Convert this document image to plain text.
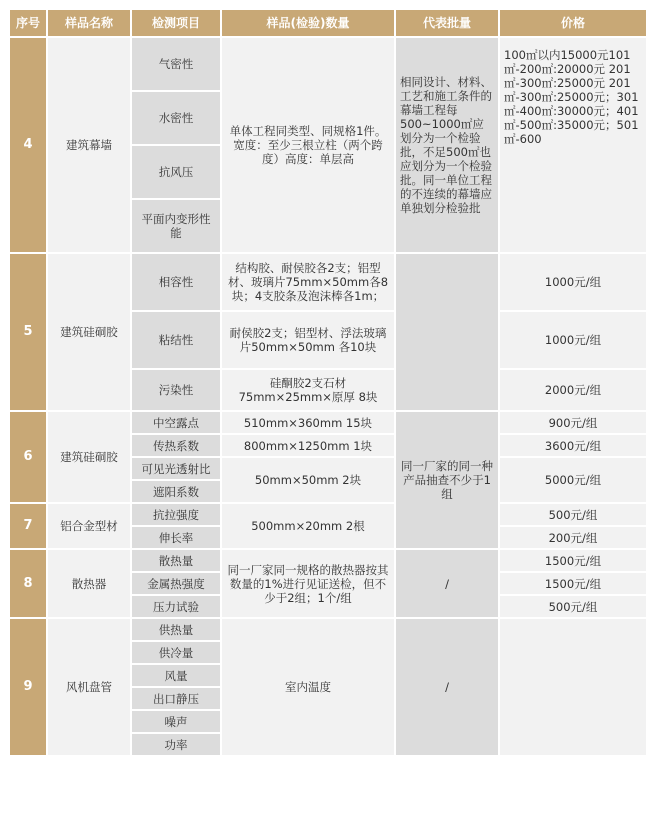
序号	样品名称	检测项目	样品(检验)数量	代表批量	价格
4	建筑幕墙	气密性	单体工程同类型、同规格1件。宽度：至少三根立柱（两个跨度）高度：单层高	相同设计、材料、工艺和施工条件的幕墙工程每500~1000㎡应划分为一个检验批，不足500㎡也应划分为一个检验批。同一单位工程的不连续的幕墙应单独划分检验批	100㎡以内15000元101㎡-200㎡:20000元 201㎡-300㎡:25000元 201㎡-300㎡:25000元；301㎡-400㎡:30000元；401㎡-500㎡:35000元；501㎡-600
		水密性			
		抗风压			
		平面内变形性能			
5	建筑硅硐胶	相容性	结构胶、耐侯胶各2支；铝型材、玻璃片75mm×50mm各8块；4支胶条及泡沫棒各1m；		1000元/组
		粘结性	耐侯胶2支；铝型材、浮法玻璃片50mm×50mm 各10块		1000元/组
		污染性	硅酮胶2支石材75mm×25mm×原厚 8块		2000元/组
6	建筑硅硐胶	中空露点	510mm×360mm 15块	同一厂家的同一种产品抽查不少于1组	900元/组
		传热系数	800mm×1250mm 1块		3600元/组
		可见光透射比	50mm×50mm 2块		5000元/组
		遮阳系数			
7	铝合金型材	抗拉强度	500mm×20mm 2根		500元/组
		伸长率			200元/组
8	散热器	散热量	同一厂家同一规格的散热器按其数量的1%进行见证送检，但不少于2组；1个/组	/	1500元/组
		金属热强度			1500元/组
		压力试验			500元/组
9	风机盘管	供热量	室内温度	/	
		供冷量			
		风量			
		出口静压			
		噪声			
		功率			
